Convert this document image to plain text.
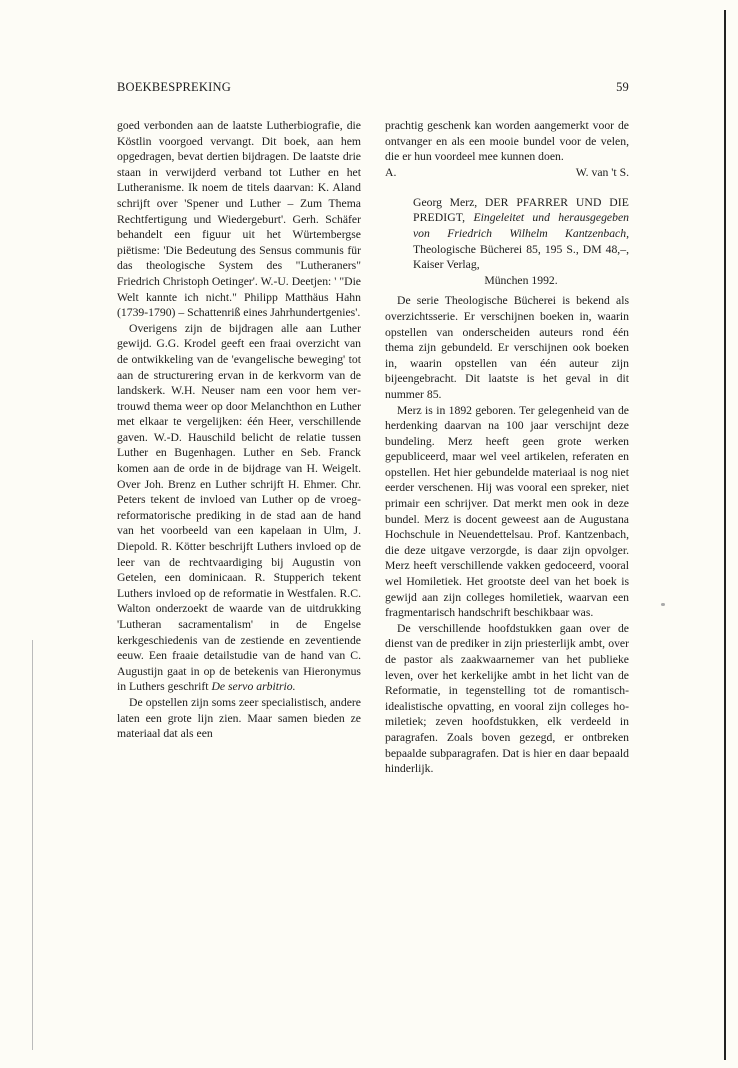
BOEKBESPREKING	59

goed verbonden aan de laatste Lutherbiografie, die Köstlin voorgoed vervangt. Dit boek, aan hem opgedragen, bevat dertien bijdragen. De laatste drie staan in verwijderd verband tot Luther en het Lutheranisme. Ik noem de titels daarvan: K. Aland schrijft over 'Spener und Luther – Zum Thema Rechtfertigung und Wiedergeburt'. Gerh. Schäfer behandelt een figuur uit het Würtembergse piëtisme: 'Die Bedeutung des Sensus communis für das theologische System des "Lutheraners" Friedrich Christoph Oetinger'. W.-U. Deetjen: ' "Die Welt kannte ich nicht." Philipp Matthäus Hahn (1739-1790) – Schattenriß eines Jahrhundertgenies'.

Overigens zijn de bijdragen alle aan Luther gewijd. G.G. Krodel geeft een fraai overzicht van de ontwikkeling van de 'evangelische beweging' tot aan de structurering ervan in de kerkvorm van de landskerk. W.H. Neuser nam een voor hem vertrouwd thema weer op door Melanchthon en Luther met elkaar te vergelijken: één Heer, verschillende gaven. W.-D. Hauschild belicht de relatie tussen Luther en Bugenhagen. Luther en Seb. Franck komen aan de orde in de bijdrage van H. Weigelt. Over Joh. Brenz en Luther schrijft H. Ehmer. Chr. Peters tekent de invloed van Luther op de vroeg-reformatorische prediking in de stad aan de hand van het voorbeeld van een kapelaan in Ulm, J. Diepold. R. Kötter beschrijft Luthers invloed op de leer van de rechtvaardiging bij Augustin von Getelen, een dominicaan. R. Stupperich tekent Luthers invloed op de reformatie in Westfalen. R.C. Walton onderzoekt de waarde van de uitdrukking 'Lutheran sacramentalism' in de Engelse kerkgeschiedenis van de zestiende en zeventiende eeuw. Een fraaie detailstudie van de hand van C. Augustijn gaat in op de betekenis van Hieronymus in Luthers geschrift De servo arbitrio.

De opstellen zijn soms zeer specialistisch, andere laten een grote lijn zien. Maar samen bieden ze materiaal dat als een

prachtig geschenk kan worden aangemerkt voor de ontvanger en als een mooie bundel voor de velen, die er hun voordeel mee kunnen doen.

A.	W. van 't S.
Georg Merz, DER PFARRER UND DIE PREDIGT, Eingeleitet und herausgegeben von Friedrich Wilhelm Kantzenbach, Theologische Bücherei 85, 195 S., DM 48,–, Kaiser Verlag,
München 1992.

De serie Theologische Bücherei is bekend als overzichtsserie. Er verschijnen boeken in, waarin opstellen van onderscheiden auteurs rond één thema zijn gebundeld. Er verschijnen ook boeken in, waarin opstellen van één auteur zijn bijeengebracht. Dit laatste is het geval in dit nummer 85.

Merz is in 1892 geboren. Ter gelegenheid van de herdenking daarvan na 100 jaar verschijnt deze bundeling. Merz heeft geen grote werken gepubliceerd, maar wel veel artikelen, referaten en opstellen. Het hier gebundelde materiaal is nog niet eerder verschenen. Hij was vooral een spreker, niet primair een schrijver. Dat merkt men ook in deze bundel. Merz is docent geweest aan de Augustana Hochschule in Neuendettelsau. Prof. Kantzenbach, die deze uitgave verzorgde, is daar zijn opvolger. Merz heeft verschillende vakken gedoceerd, vooral wel Homiletiek. Het grootste deel van het boek is gewijd aan zijn colleges homiletiek, waarvan een fragmentarisch handschrift beschikbaar was.

De verschillende hoofdstukken gaan over de dienst van de prediker in zijn priesterlijk ambt, over de pastor als zaakwaarnemer van het publieke leven, over het kerkelijke ambt in het licht van de Reformatie, in tegenstelling tot de romantisch-idealistische opvatting, en vooral zijn colleges homiletiek; zeven hoofdstukken, elk verdeeld in paragrafen. Zoals boven gezegd, er ontbreken bepaalde subparagrafen. Dat is hier en daar bepaald hinderlijk.
